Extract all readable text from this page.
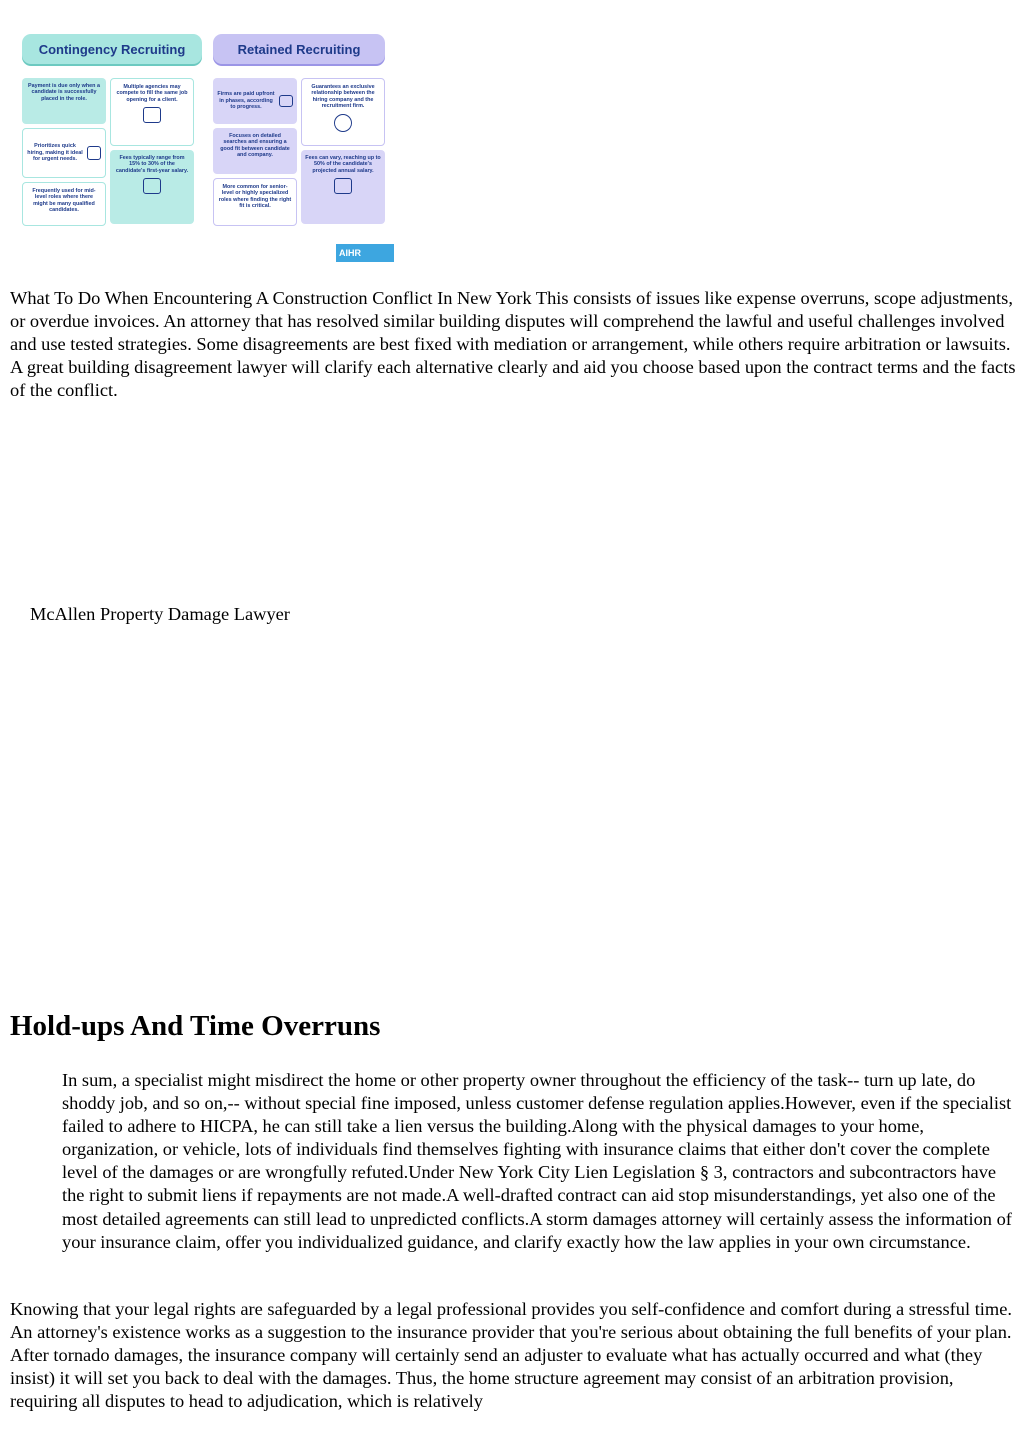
Contingency Recruiting	Retained Recruiting
Payment is due only when a candidate is successfully placed in the role.
Multiple agencies may compete to fill the same job opening for a client.

Prioritizes quick hiring, making it ideal for urgent needs.	Fees typically range from 15% to 30% of the candidate's first-year salary.

Frequently used for mid-level roles where there might be many qualified candidates.
Firms are paid upfront in phases, according to progress.
Guarantees an exclusive relationship between the hiring company and the recruitment firm.

Focuses on detailed searches and ensuring a good fit between candidate and company.	Fees can vary, reaching up to 50% of the candidate's projected annual salary.

More common for senior-level or highly specialized roles where finding the right fit is critical.
AIHR

What To Do When Encountering A Construction Conflict In New York This consists of issues like expense overruns, scope adjustments, or overdue invoices. An attorney that has resolved similar building disputes will comprehend the lawful and useful challenges involved and use tested strategies. Some disagreements are best fixed with mediation or arrangement, while others require arbitration or lawsuits. A great building disagreement lawyer will clarify each alternative clearly and aid you choose based upon the contract terms and the facts of the conflict.

McAllen Property Damage Lawyer
Hold-ups And Time Overruns
In sum, a specialist might misdirect the home or other property owner throughout the efficiency of the task-- turn up late, do shoddy job, and so on,-- without special fine imposed, unless customer defense regulation applies.However, even if the specialist failed to adhere to HICPA, he can still take a lien versus the building.Along with the physical damages to your home, organization, or vehicle, lots of individuals find themselves fighting with insurance claims that either don't cover the complete level of the damages or are wrongfully refuted.Under New York City Lien Legislation § 3, contractors and subcontractors have the right to submit liens if repayments are not made.A well-drafted contract can aid stop misunderstandings, yet also one of the most detailed agreements can still lead to unpredicted conflicts.A storm damages attorney will certainly assess the information of your insurance claim, offer you individualized guidance, and clarify exactly how the law applies in your own circumstance.

Knowing that your legal rights are safeguarded by a legal professional provides you self-confidence and comfort during a stressful time. An attorney's existence works as a suggestion to the insurance provider that you're serious about obtaining the full benefits of your plan. After tornado damages, the insurance company will certainly send an adjuster to evaluate what has actually occurred and what (they insist) it will set you back to deal with the damages. Thus, the home structure agreement may consist of an arbitration provision, requiring all disputes to head to adjudication, which is relatively
